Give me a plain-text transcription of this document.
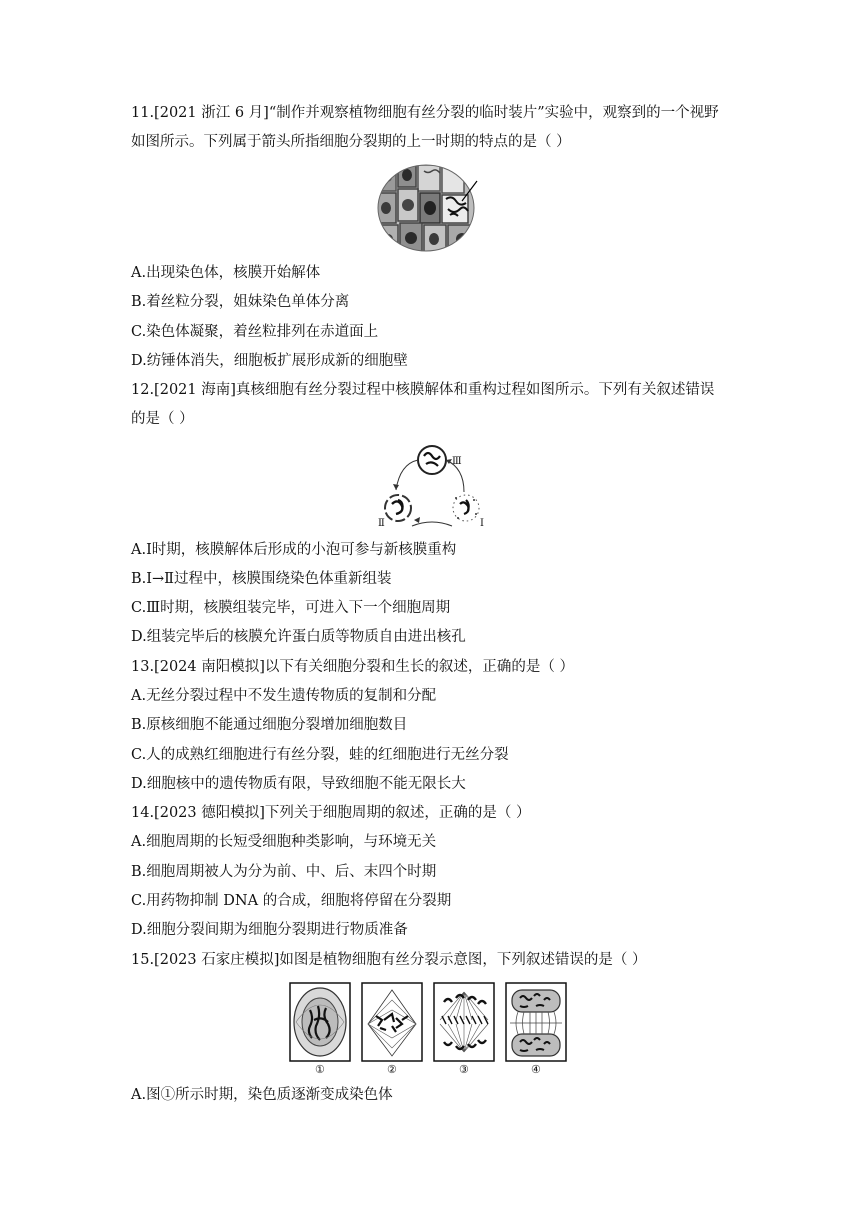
11.[2021 浙江 6 月]“制作并观察植物细胞有丝分裂的临时装片”实验中，观察到的一个视野
如图所示。下列属于箭头所指细胞分裂期的上一时期的特点的是（ ）
A.出现染色体，核膜开始解体
B.着丝粒分裂，姐妹染色单体分离
C.染色体凝聚，着丝粒排列在赤道面上
D.纺锤体消失，细胞板扩展形成新的细胞壁
12.[2021 海南]真核细胞有丝分裂过程中核膜解体和重构过程如图所示。下列有关叙述错误
的是（ ）
Ⅲ
Ⅱ	Ⅰ
A.Ⅰ时期，核膜解体后形成的小泡可参与新核膜重构
B.Ⅰ→Ⅱ过程中，核膜围绕染色体重新组装
C.Ⅲ时期，核膜组装完毕，可进入下一个细胞周期
D.组装完毕后的核膜允许蛋白质等物质自由进出核孔
13.[2024 南阳模拟]以下有关细胞分裂和生长的叙述，正确的是（ ）
A.无丝分裂过程中不发生遗传物质的复制和分配
B.原核细胞不能通过细胞分裂增加细胞数目
C.人的成熟红细胞进行有丝分裂，蛙的红细胞进行无丝分裂
D.细胞核中的遗传物质有限，导致细胞不能无限长大
14.[2023 德阳模拟]下列关于细胞周期的叙述，正确的是（ ）
A.细胞周期的长短受细胞种类影响，与环境无关
B.细胞周期被人为分为前、中、后、末四个时期
C.用药物抑制 DNA 的合成，细胞将停留在分裂期
D.细胞分裂间期为细胞分裂期进行物质准备
15.[2023 石家庄模拟]如图是植物细胞有丝分裂示意图，下列叙述错误的是（ ）
①	②	③	④
A.图①所示时期，染色质逐渐变成染色体
